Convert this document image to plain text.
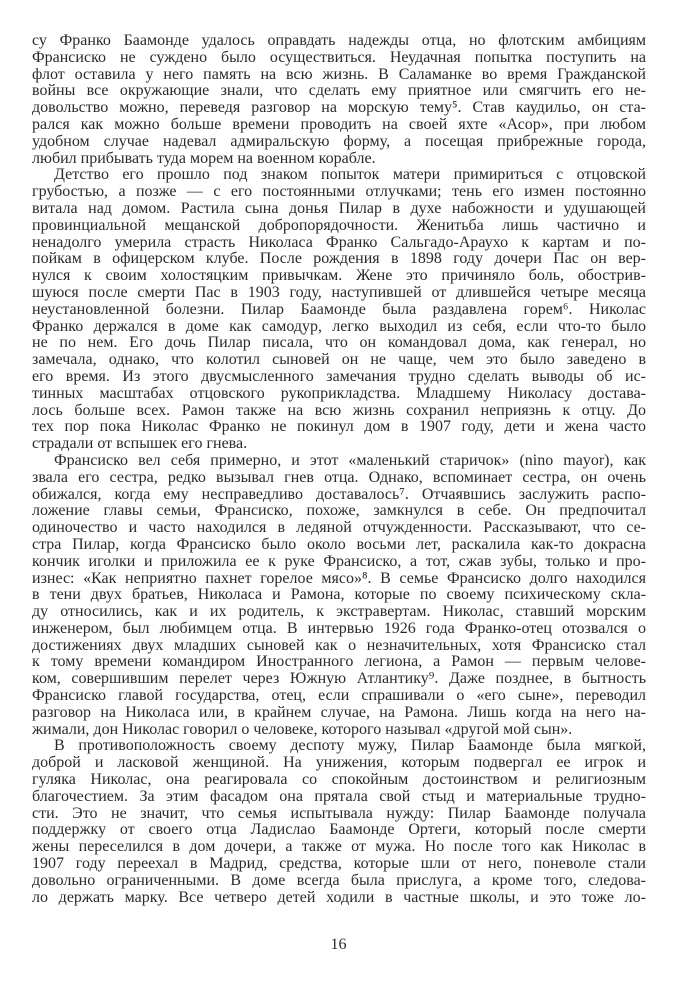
су Франко Баамонде удалось оправдать надежды отца, но флотским амбициям
Франсиско не суждено было осуществиться. Неудачная попытка поступить на
флот оставила у него память на всю жизнь. В Саламанке во время Гражданской
войны все окружающие знали, что сделать ему приятное или смягчить его не-
довольство можно, переведя разговор на морскую тему⁵. Став каудильо, он ста-
рался как можно больше времени проводить на своей яхте «Асор», при любом
удобном случае надевал адмиральскую форму, а посещая прибрежные города,
любил прибывать туда морем на военном корабле.
Детство его прошло под знаком попыток матери примириться с отцовской
грубостью, а позже — с его постоянными отлучками; тень его измен постоянно
витала над домом. Растила сына донья Пилар в духе набожности и удушающей
провинциальной мещанской добропорядочности. Женитьба лишь частично и
ненадолго умерила страсть Николаса Франко Сальгадо-Араухо к картам и по-
пойкам в офицерском клубе. После рождения в 1898 году дочери Пас он вер-
нулся к своим холостяцким привычкам. Жене это причиняло боль, обострив-
шуюся после смерти Пас в 1903 году, наступившей от длившейся четыре месяца
неустановленной болезни. Пилар Баамонде была раздавлена горем⁶. Николас
Франко держался в доме как самодур, легко выходил из себя, если что-то было
не по нем. Его дочь Пилар писала, что он командовал дома, как генерал, но
замечала, однако, что колотил сыновей он не чаще, чем это было заведено в
его время. Из этого двусмысленного замечания трудно сделать выводы об ис-
тинных масштабах отцовского рукоприкладства. Младшему Николасу достава-
лось больше всех. Рамон также на всю жизнь сохранил неприязнь к отцу. До
тех пор пока Николас Франко не покинул дом в 1907 году, дети и жена часто
страдали от вспышек его гнева.
Франсиско вел себя примерно, и этот «маленький старичок» (nino mayor), как
звала его сестра, редко вызывал гнев отца. Однако, вспоминает сестра, он очень
обижался, когда ему несправедливо доставалось⁷. Отчаявшись заслужить распо-
ложение главы семьи, Франсиско, похоже, замкнулся в себе. Он предпочитал
одиночество и часто находился в ледяной отчужденности. Рассказывают, что се-
стра Пилар, когда Франсиско было около восьми лет, раскалила как-то докрасна
кончик иголки и приложила ее к руке Франсиско, а тот, сжав зубы, только и про-
изнес: «Как неприятно пахнет горелое мясо»⁸. В семье Франсиско долго находился
в тени двух братьев, Николаса и Рамона, которые по своему психическому скла-
ду относились, как и их родитель, к экстравертам. Николас, ставший морским
инженером, был любимцем отца. В интервью 1926 года Франко-отец отозвался о
достижениях двух младших сыновей как о незначительных, хотя Франсиско стал
к тому времени командиром Иностранного легиона, а Рамон — первым челове-
ком, совершившим перелет через Южную Атлантику⁹. Даже позднее, в бытность
Франсиско главой государства, отец, если спрашивали о «его сыне», переводил
разговор на Николаса или, в крайнем случае, на Рамона. Лишь когда на него на-
жимали, дон Николас говорил о человеке, которого называл «другой мой сын».
В противоположность своему деспоту мужу, Пилар Баамонде была мягкой,
доброй и ласковой женщиной. На унижения, которым подвергал ее игрок и
гуляка Николас, она реагировала со спокойным достоинством и религиозным
благочестием. За этим фасадом она прятала свой стыд и материальные трудно-
сти. Это не значит, что семья испытывала нужду: Пилар Баамонде получала
поддержку от своего отца Ладислао Баамонде Ортеги, который после смерти
жены переселился в дом дочери, а также от мужа. Но после того как Николас в
1907 году переехал в Мадрид, средства, которые шли от него, поневоле стали
довольно ограниченными. В доме всегда была прислуга, а кроме того, следова-
ло держать марку. Все четверо детей ходили в частные школы, и это тоже ло-
16
